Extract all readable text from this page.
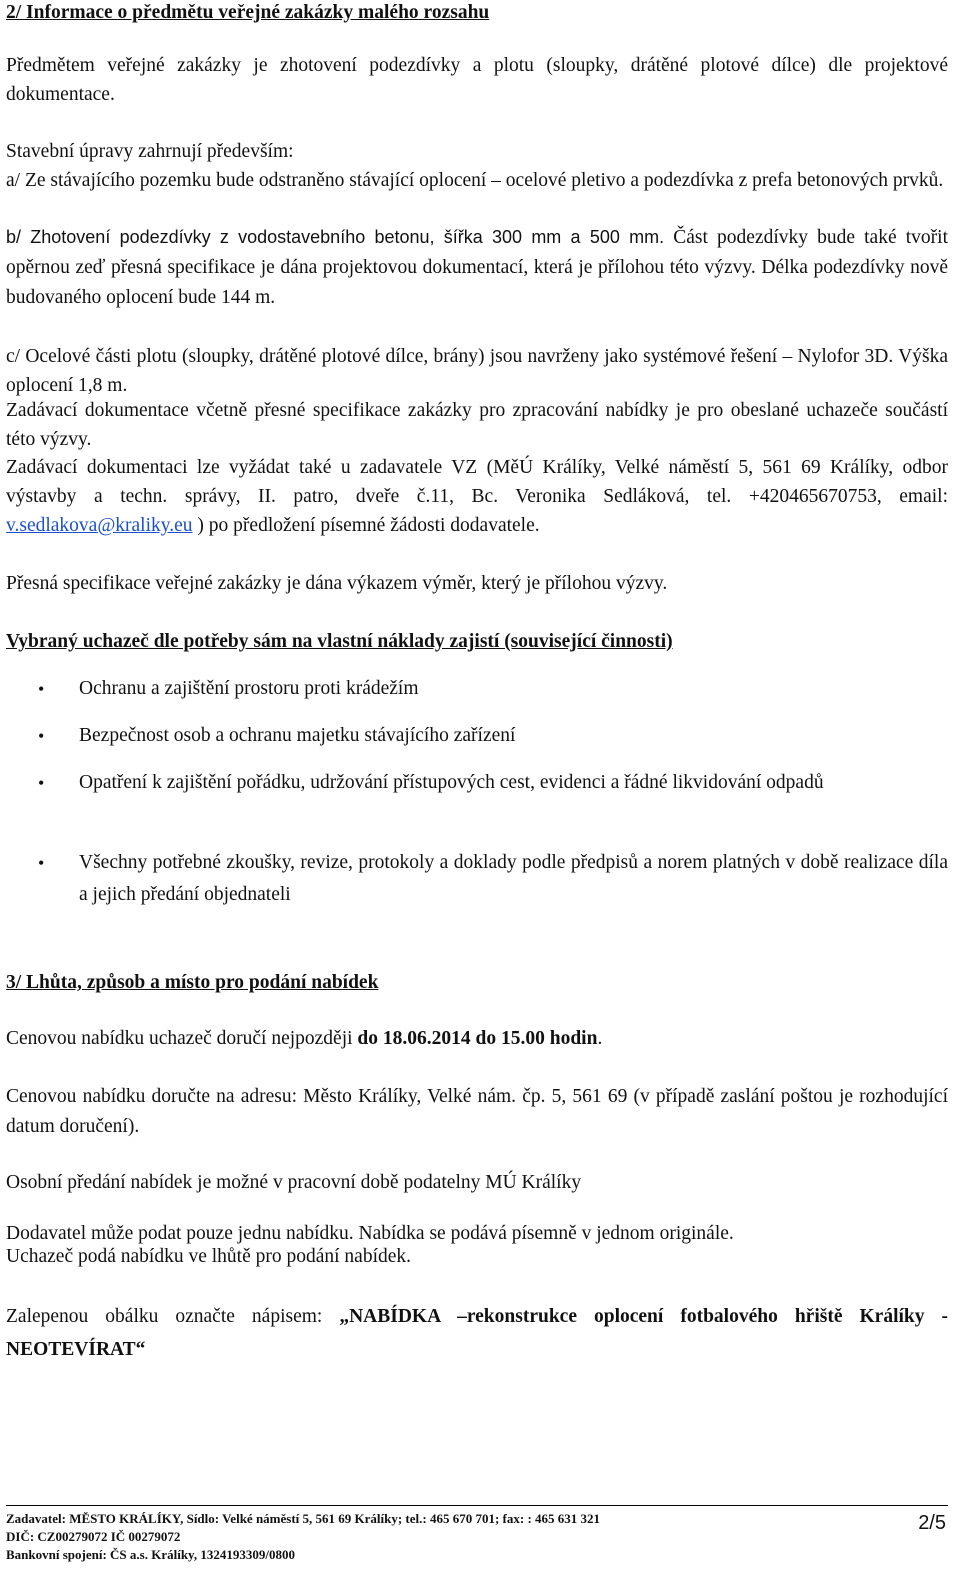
2/ Informace o předmětu veřejné zakázky malého rozsahu
Předmětem veřejné zakázky je zhotovení podezdívky a plotu (sloupky, drátěné plotové dílce) dle projektové dokumentace.
Stavební úpravy zahrnují především:
a/ Ze stávajícího pozemku bude odstraněno stávající oplocení – ocelové pletivo a podezdívka z prefa betonových prvků.
b/ Zhotovení podezdívky z vodostavebního betonu, šířka 300 mm a 500 mm. Část podezdívky bude také tvořit opěrnou zeď přesná specifikace je dána projektovou dokumentací, která je přílohou této výzvy. Délka podezdívky nově budovaného oplocení bude 144 m.
c/ Ocelové části plotu (sloupky, drátěné plotové dílce, brány) jsou navrženy jako systémové řešení – Nylofor 3D. Výška oplocení 1,8 m.
Zadávací dokumentace včetně přesné specifikace zakázky pro zpracování nabídky je pro obeslané uchazeče součástí této výzvy.
Zadávací dokumentaci lze vyžádat také u zadavatele VZ (MěÚ Králíky, Velké náměstí 5, 561 69 Králíky, odbor výstavby a techn. správy, II. patro, dveře č.11, Bc. Veronika Sedláková, tel. +420465670753, email: v.sedlakova@kraliky.eu ) po předložení písemné žádosti dodavatele.
Přesná specifikace veřejné zakázky je dána výkazem výměr, který je přílohou výzvy.
Vybraný uchazeč dle potřeby sám na vlastní náklady zajistí (související činnosti)
• Ochranu a zajištění prostoru proti krádežím
• Bezpečnost osob a ochranu majetku stávajícího zařízení
• Opatření k zajištění pořádku, udržování přístupových cest, evidenci a řádné likvidování odpadů
• Všechny potřebné zkoušky, revize, protokoly a doklady podle předpisů a norem platných v době realizace díla a jejich předání objednateli
3/ Lhůta, způsob a místo pro podání nabídek
Cenovou nabídku uchazeč doručí nejpozději do 18.06.2014 do 15.00 hodin.
Cenovou nabídku doručte na adresu: Město Králíky, Velké nám. čp. 5, 561 69 (v případě zaslání poštou je rozhodující datum doručení).
Osobní předání nabídek je možné v pracovní době podatelny MÚ Králíky
Dodavatel může podat pouze jednu nabídku. Nabídka se podává písemně v jednom originále.
Uchazeč podá nabídku ve lhůtě pro podání nabídek.
Zalepenou obálku označte nápisem: „NABÍDKA –rekonstrukce oplocení fotbalového hřiště Králíky - NEOTEVÍRAT“
Zadavatel: MĚSTO KRÁLÍKY, Sídlo: Velké náměstí 5, 561 69 Králíky; tel.: 465 670 701; fax: : 465 631 321
DIČ: CZ00279072 IČ 00279072
Bankovní spojení: ČS a.s. Králíky, 1324193309/0800
2/5
